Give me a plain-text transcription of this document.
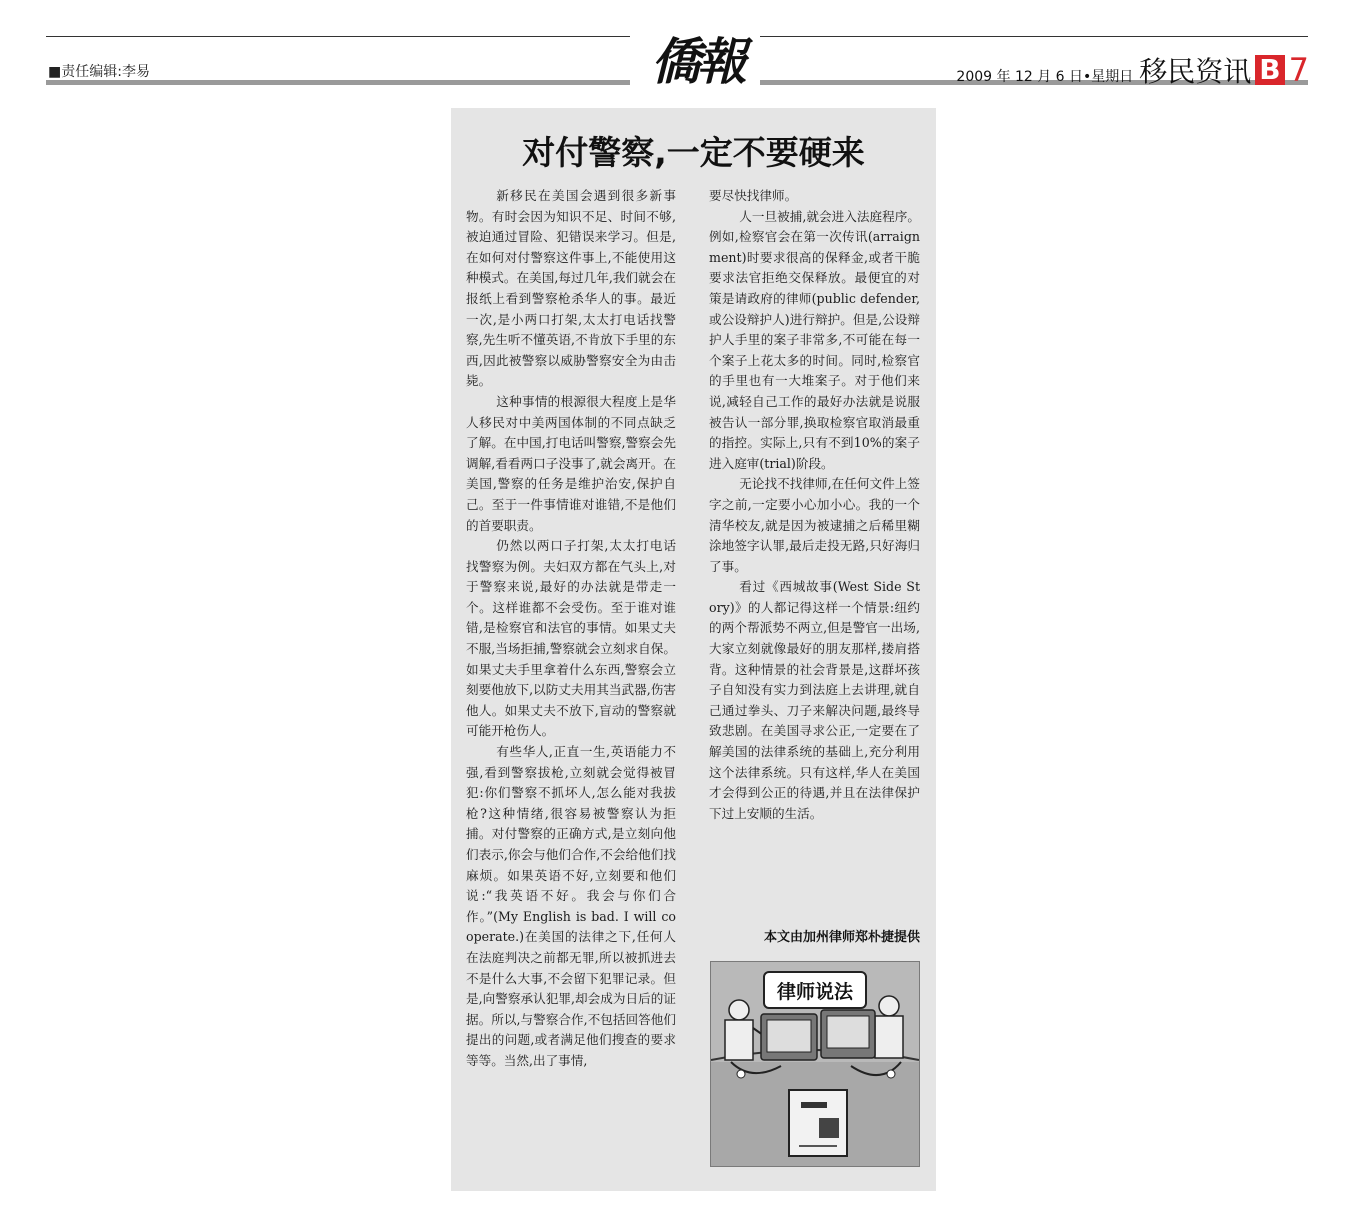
■责任编辑:李易	僑報	2009 年 12 月 6 日•星期日 移民资讯 B 7
对付警察,一定不要硬来

新移民在美国会遇到很多新事物。有时会因为知识不足、时间不够,被迫通过冒险、犯错误来学习。但是,在如何对付警察这件事上,不能使用这种模式。在美国,每过几年,我们就会在报纸上看到警察枪杀华人的事。最近一次,是小两口打架,太太打电话找警察,先生听不懂英语,不肯放下手里的东西,因此被警察以威胁警察安全为由击毙。

这种事情的根源很大程度上是华人移民对中美两国体制的不同点缺乏了解。在中国,打电话叫警察,警察会先调解,看看两口子没事了,就会离开。在美国,警察的任务是维护治安,保护自己。至于一件事情谁对谁错,不是他们的首要职责。

仍然以两口子打架,太太打电话找警察为例。夫妇双方都在气头上,对于警察来说,最好的办法就是带走一个。这样谁都不会受伤。至于谁对谁错,是检察官和法官的事情。如果丈夫不服,当场拒捕,警察就会立刻求自保。如果丈夫手里拿着什么东西,警察会立刻要他放下,以防丈夫用其当武器,伤害他人。如果丈夫不放下,盲动的警察就可能开枪伤人。

有些华人,正直一生,英语能力不强,看到警察拔枪,立刻就会觉得被冒犯:你们警察不抓坏人,怎么能对我拔枪?这种情绪,很容易被警察认为拒捕。对付警察的正确方式,是立刻向他们表示,你会与他们合作,不会给他们找麻烦。如果英语不好,立刻要和他们说:“我英语不好。我会与你们合作。”(My English is bad. I will cooperate.)在美国的法律之下,任何人在法庭判决之前都无罪,所以被抓进去不是什么大事,不会留下犯罪记录。但是,向警察承认犯罪,却会成为日后的证据。所以,与警察合作,不包括回答他们提出的问题,或者满足他们搜查的要求等等。当然,出了事情,

要尽快找律师。

人一旦被捕,就会进入法庭程序。例如,检察官会在第一次传讯(arraignment)时要求很高的保释金,或者干脆要求法官拒绝交保释放。最便宜的对策是请政府的律师(public defender,或公设辩护人)进行辩护。但是,公设辩护人手里的案子非常多,不可能在每一个案子上花太多的时间。同时,检察官的手里也有一大堆案子。对于他们来说,减轻自己工作的最好办法就是说服被告认一部分罪,换取检察官取消最重的指控。实际上,只有不到10%的案子进入庭审(trial)阶段。

无论找不找律师,在任何文件上签字之前,一定要小心加小心。我的一个清华校友,就是因为被逮捕之后稀里糊涂地签字认罪,最后走投无路,只好海归了事。

看过《西城故事(West Side Story)》的人都记得这样一个情景:纽约的两个帮派势不两立,但是警官一出场,大家立刻就像最好的朋友那样,搂肩搭背。这种情景的社会背景是,这群坏孩子自知没有实力到法庭上去讲理,就自己通过拳头、刀子来解决问题,最终导致悲剧。在美国寻求公正,一定要在了解美国的法律系统的基础上,充分利用这个法律系统。只有这样,华人在美国才会得到公正的待遇,并且在法律保护下过上安顺的生活。

本文由加州律师郑朴捷提供
律师说法
